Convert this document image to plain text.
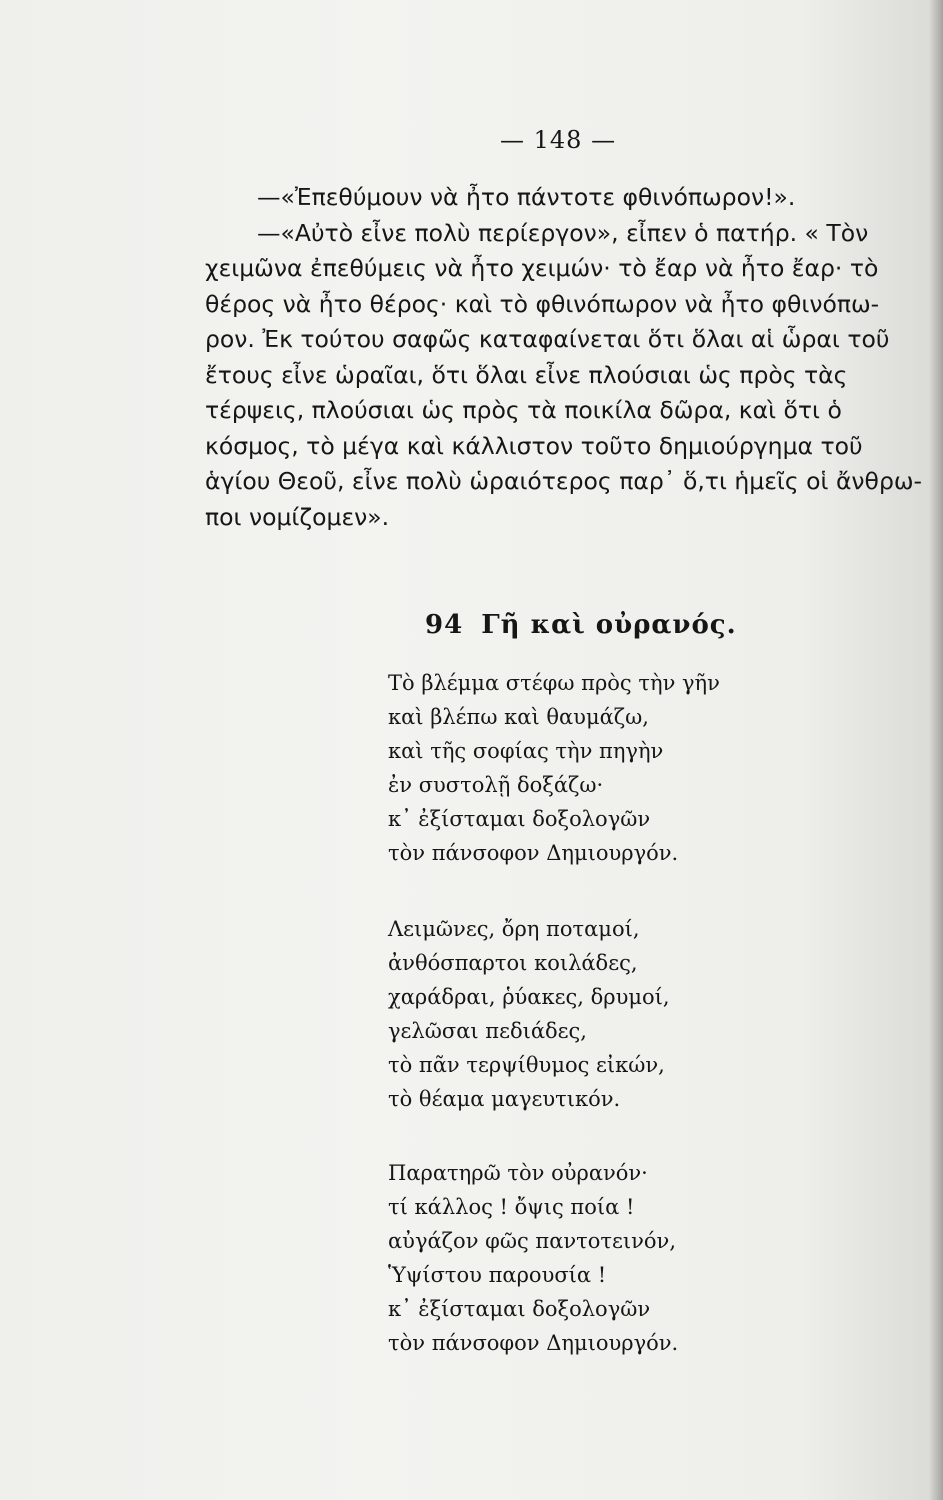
— 148 —
—«Ἐπεθύμουν νὰ ἦτο πάντοτε φθινόπωρον!».
—«Αὐτὸ εἶνε πολὺ περίεργον», εἶπεν ὁ πατήρ. « Τὸν
χειμῶνα ἐπεθύμεις νὰ ἦτο χειμών· τὸ ἔαρ νὰ ἦτο ἔαρ· τὸ
θέρος νὰ ἦτο θέρος· καὶ τὸ φθινόπωρον νὰ ἦτο φθινόπω-
ρον. Ἐκ τούτου σαφῶς καταφαίνεται ὅτι ὅλαι αἱ ὧραι τοῦ
ἔτους εἶνε ὡραῖαι, ὅτι ὅλαι εἶνε πλούσιαι ὡς πρὸς τὰς
τέρψεις, πλούσιαι ὡς πρὸς τὰ ποικίλα δῶρα, καὶ ὅτι ὁ
κόσμος, τὸ μέγα καὶ κάλλιστον τοῦτο δημιούργημα τοῦ
ἁγίου Θεοῦ, εἶνε πολὺ ὡραιότερος παρ᾽ ὅ,τι ἡμεῖς οἱ ἄνθρω-
ποι νομίζομεν».
94 Γῆ καὶ οὐρανός.
Τὸ βλέμμα στέφω πρὸς τὴν γῆν
καὶ βλέπω καὶ θαυμάζω,
καὶ τῆς σοφίας τὴν πηγὴν
ἐν συστολῇ δοξάζω·
κ᾽ ἐξίσταμαι δοξολογῶν
τὸν πάνσοφον Δημιουργόν.
Λειμῶνες, ὄρη ποταμοί,
ἀνθόσπαρτοι κοιλάδες,
χαράδραι, ῥύακες, δρυμοί,
γελῶσαι πεδιάδες,
τὸ πᾶν τερψίθυμος εἰκών,
τὸ θέαμα μαγευτικόν.
Παρατηρῶ τὸν οὐρανόν·
τί κάλλος ! ὄψις ποία !
αὐγάζον φῶς παντοτεινόν,
Ὑψίστου παρουσία !
κ᾽ ἐξίσταμαι δοξολογῶν
τὸν πάνσοφον Δημιουργόν.
